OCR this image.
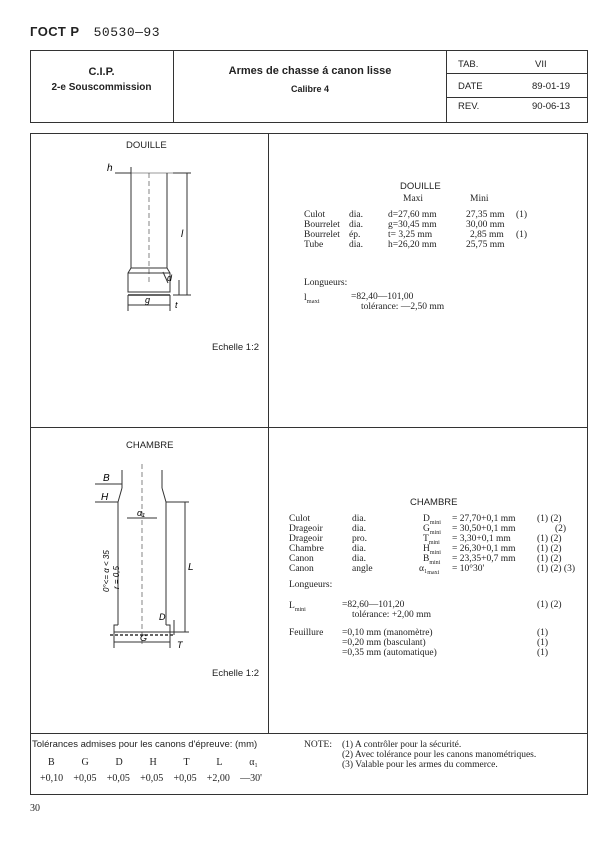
ГОСТ Р 50530—93
C.I.P.
2-e Souscommission
Armes de chasse á canon lisse
Calibre 4
TAB.	VII
DATE	89-01-19
REV.	90-06-13
DOUILLE
h
l
d
g	t
Echelle 1:2
DOUILLE
Maxi	Mini
Culot	dia.	d=27,60 mm	27,35 mm (1)
Bourrelet dia.	g=30,45 mm	30,00 mm
Bourrelet ép.	t= 3,25 mm	2,85 mm (1)
Tube	dia.	h=26,20 mm	25,75 mm
Longueurs:
$l_{maxi}$	=82,40—101,00
tolérance: —2,50 mm
CHAMBRE
B
H
α₁
L
D
G
T
0°<= α < 35 r = 0,5
Echelle 1:2
CHAMBRE
Culot	dia.	$D_{mini} = 27,70+0,1$ mm (1) (2)
Drageoir	dia.	$G_{mini} = 30,50+0,1$ mm	(2)
Drageoir	pro.	$T_{mini} = 3,30+0,1$ mm	(1) (2)
Chambre	dia.	$H_{mini} = 26,30+0,1$ mm (1) (2)
Canon	dia.	$B_{mini} = 23,35+0,7$ mm (1) (2)
Canon	angle	$\alpha_1_{maxi} = 10^\circ 30'$	(1) (2) (3)
Longueurs:
$L_{mini}$	=82,60—101,20	(1) (2)
tolérance: +2,00 mm
Feuillure =0,10 mm (manomètre)	(1)
=0,20 mm (basculant)	(1)
=0,35 mm (automatique)	(1)
Tolérances admises pour les canons d'épreuve: (mm)
B	G	D	H	T	L	α₁
+0,10 +0,05 +0,05 +0,05 +0,05 +2,00 —30'
NOTE: (1) A contrôler pour la sécurité.
(2) Avec tolérance pour les canons manométriques.
(3) Valable pour les armes du commerce.
30
